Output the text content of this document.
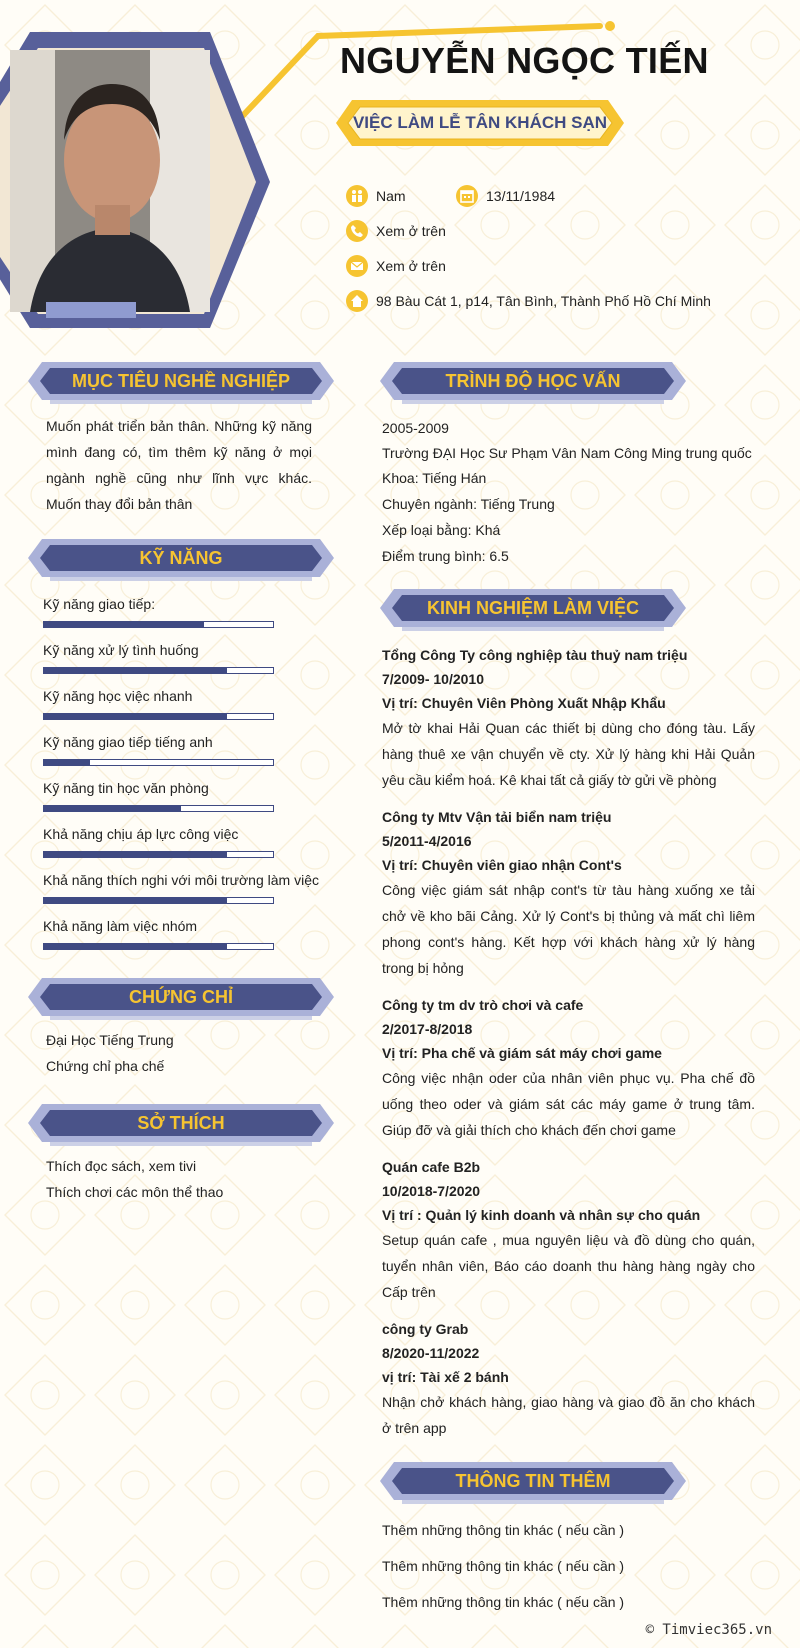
NGUYỄN NGỌC TIẾN
VIỆC LÀM LỄ TÂN KHÁCH SẠN
Nam	13/11/1984
Xem ở trên
Xem ở trên
98 Bàu Cát 1, p14, Tân Bình, Thành Phố Hồ Chí Minh
MỤC TIÊU NGHỀ NGHIỆP
Muốn phát triển bản thân. Những kỹ năng mình đang có, tìm thêm kỹ năng ở mọi ngành nghề cũng như lĩnh vực khác. Muốn thay đổi bản thân
KỸ NĂNG
Kỹ năng giao tiếp:
Kỹ năng xử lý tình huống
Kỹ năng học việc nhanh
Kỹ năng giao tiếp tiếng anh
Kỹ năng tin học văn phòng
Khả năng chịu áp lực công việc
Khả năng thích nghi với môi trường làm việc
Khả năng làm việc nhóm
CHỨNG CHỈ
Đại Học Tiếng Trung
Chứng chỉ pha chế
SỞ THÍCH
Thích đọc sách, xem tivi
Thích chơi các môn thể thao
TRÌNH ĐỘ HỌC VẤN
2005-2009
Trường ĐẠI Học Sư Phạm Vân Nam Công Ming trung quốc
Khoa: Tiếng Hán
Chuyên ngành: Tiếng Trung
Xếp loại bằng: Khá
Điểm trung bình: 6.5
KINH NGHIỆM LÀM VIỆC
Tổng Công Ty công nghiệp tàu thuỷ nam triệu
7/2009- 10/2010
Vị trí: Chuyên Viên Phòng Xuất Nhập Khẩu
Mở tờ khai Hải Quan các thiết bị dùng cho đóng tàu. Lấy hàng thuê xe vận chuyển về cty. Xử lý hàng khi Hải Quản yêu cầu kiểm hoá. Kê khai tất cả giấy tờ gửi về phòng
Công ty Mtv Vận tải biển nam triệu
5/2011-4/2016
Vị trí: Chuyên viên giao nhận Cont's
Công việc giám sát nhập cont's từ tàu hàng xuống xe tải chở về kho bãi Cảng. Xử lý Cont's bị thủng và mất chì liêm phong cont's hàng. Kết hợp với khách hàng xử lý hàng trong bị hỏng
Công ty tm dv trò chơi và cafe
2/2017-8/2018
Vị trí: Pha chế và giám sát máy chơi game
Công việc nhận oder của nhân viên phục vụ. Pha chế đồ uống theo oder và giám sát các máy game ở trung tâm. Giúp đỡ và giải thích cho khách đến chơi game
Quán cafe B2b
10/2018-7/2020
Vị trí : Quản lý kinh doanh và nhân sự cho quán
Setup quán cafe , mua nguyên liệu và đồ dùng cho quán, tuyển nhân viên, Báo cáo doanh thu hàng hàng ngày cho Cấp trên
công ty Grab
8/2020-11/2022
vị trí: Tài xế 2 bánh
Nhận chở khách hàng, giao hàng và giao đồ ăn cho khách ở trên app
THÔNG TIN THÊM
Thêm những thông tin khác ( nếu cần )
Thêm những thông tin khác ( nếu cần )
Thêm những thông tin khác ( nếu cần )
© Timviec365.vn
